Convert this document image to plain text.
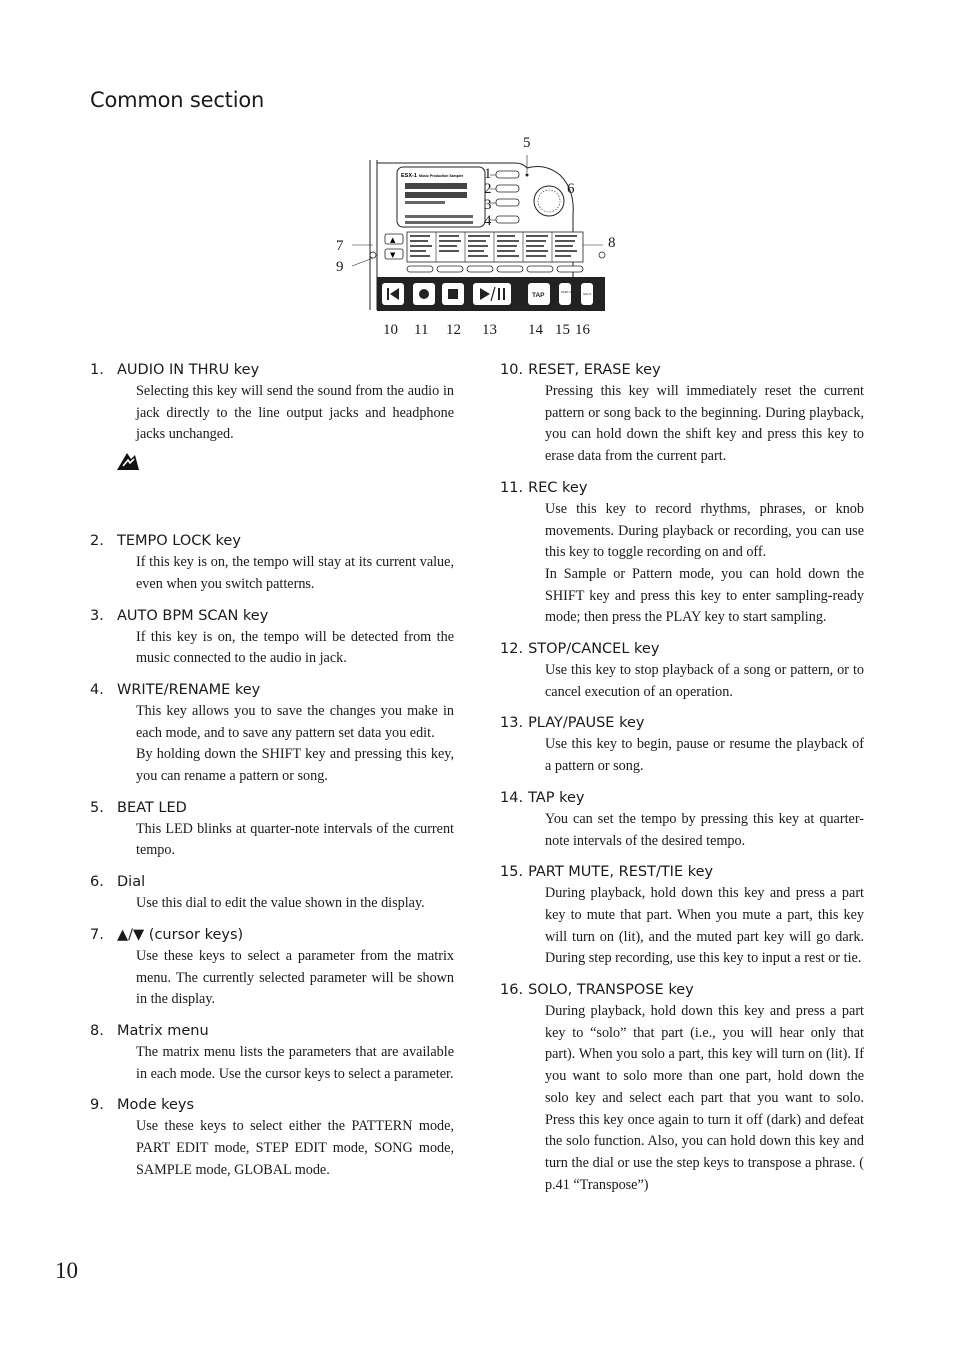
Common section
ESX-1 Music Production Sampler
▲
▼
TAP	PART MUTE SOLO
5
1
2
3
4
6
7	8
9
10 11 12 13 14 15 16
1. AUDIO IN THRU key

Selecting this key will send the sound from the audio in jack directly to the line output jacks and headphone jacks unchanged.

2. TEMPO LOCK key

If this key is on, the tempo will stay at its current value, even when you switch patterns.

3. AUTO BPM SCAN key

If this key is on, the tempo will be detected from the music connected to the audio in jack.

4. WRITE/RENAME key

This key allows you to save the changes you make in each mode, and to save any pattern set data you edit.

By holding down the SHIFT key and pressing this key, you can rename a pattern or song.

5. BEAT LED

This LED blinks at quarter-note intervals of the current tempo.

6. Dial

Use this dial to edit the value shown in the display.

7. ▲/▼ (cursor keys)

Use these keys to select a parameter from the matrix menu. The currently selected parameter will be shown in the display.

8. Matrix menu

The matrix menu lists the parameters that are available in each mode. Use the cursor keys to select a parameter.

9. Mode keys

Use these keys to select either the PATTERN mode, PART EDIT mode, STEP EDIT mode, SONG mode, SAMPLE mode, GLOBAL mode.

10. RESET, ERASE key

Pressing this key will immediately reset the current pattern or song back to the beginning. During playback, you can hold down the shift key and press this key to erase data from the current part.

11. REC key

Use this key to record rhythms, phrases, or knob movements. During playback or recording, you can use this key to toggle recording on and off.

In Sample or Pattern mode, you can hold down the SHIFT key and press this key to enter sampling-ready mode; then press the PLAY key to start sampling.

12. STOP/CANCEL key

Use this key to stop playback of a song or pattern, or to cancel execution of an operation.

13. PLAY/PAUSE key

Use this key to begin, pause or resume the playback of a pattern or song.

14. TAP key

You can set the tempo by pressing this key at quarter-note intervals of the desired tempo.

15. PART MUTE, REST/TIE key

During playback, hold down this key and press a part key to mute that part. When you mute a part, this key will turn on (lit), and the muted part key will go dark. During step recording, use this key to input a rest or tie.

16. SOLO, TRANSPOSE key

During playback, hold down this key and press a part key to “solo” that part (i.e., you will hear only that part). When you solo a part, this key will turn on (lit). If you want to solo more than one part, hold down the solo key and select each part that you want to solo. Press this key once again to turn it off (dark) and defeat the solo function. Also, you can hold down this key and turn the dial or use the step keys to transpose a phrase. ( p.41 “Transpose”)

10
